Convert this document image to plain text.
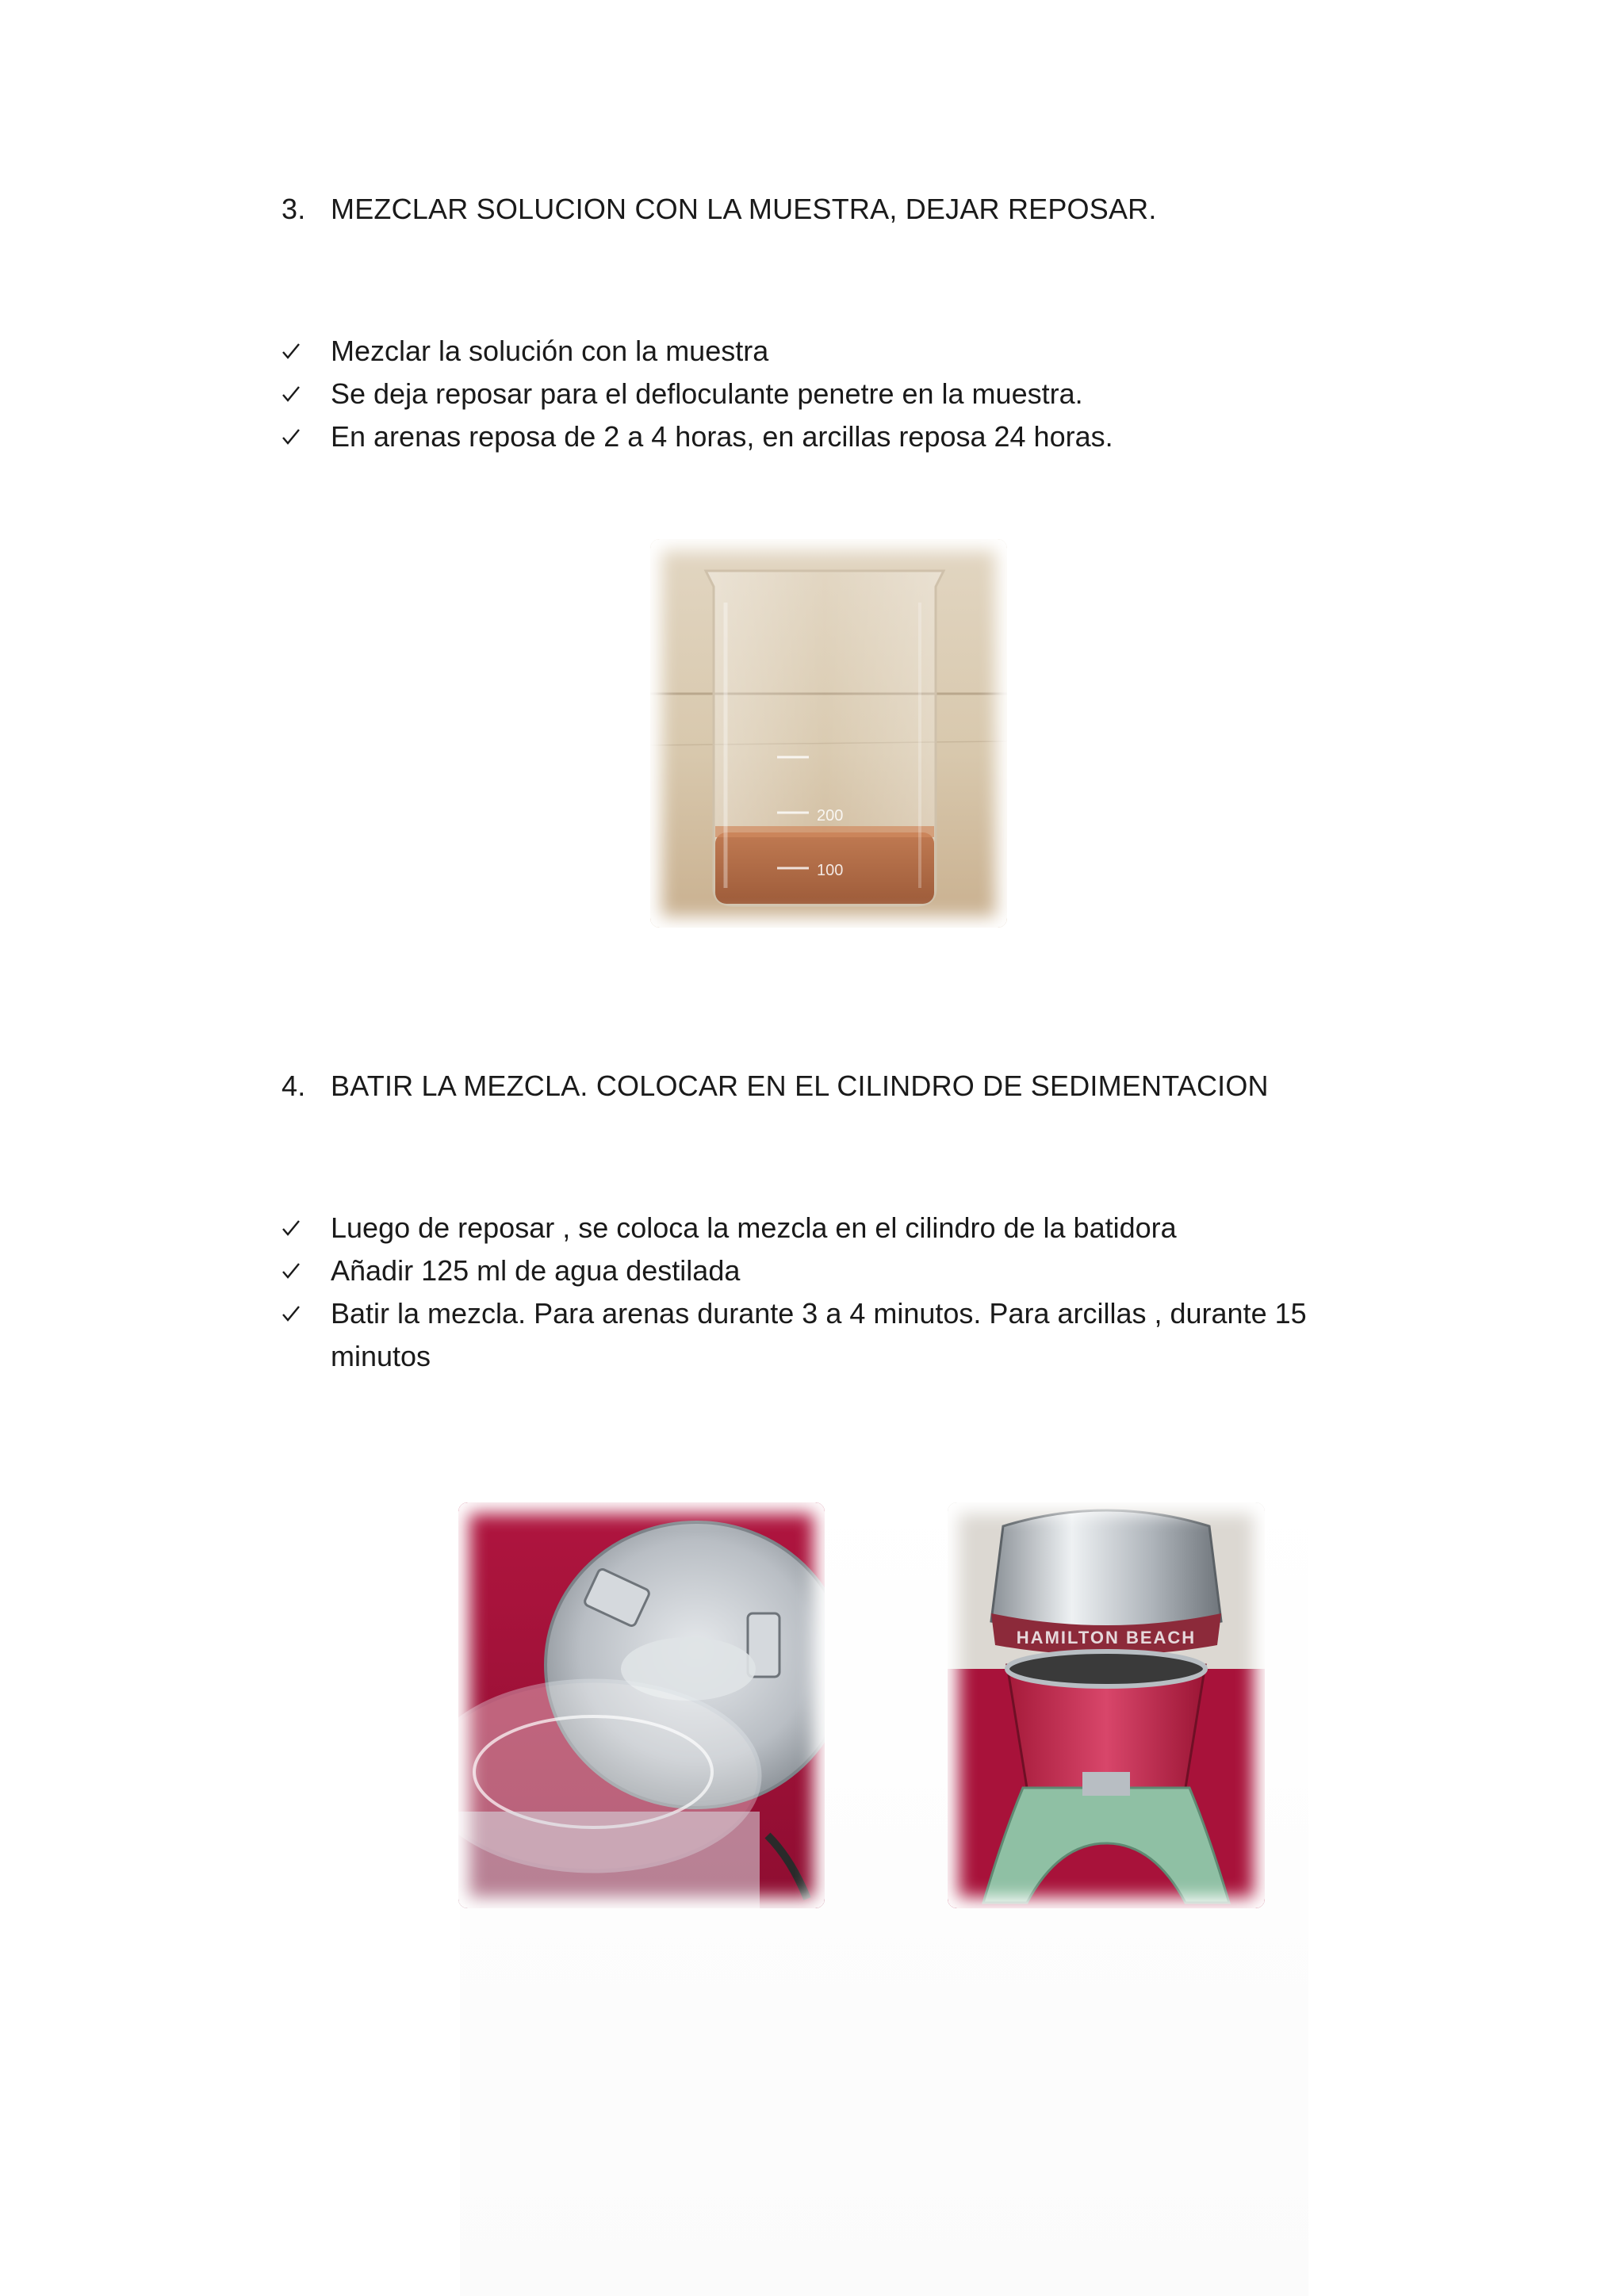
3. MEZCLAR SOLUCION CON LA MUESTRA, DEJAR REPOSAR.
Mezclar la solución con la muestra
Se deja reposar para el defloculante penetre en la muestra.
En arenas reposa de 2 a 4 horas, en arcillas reposa 24 horas.
200
100
4. BATIR LA MEZCLA. COLOCAR EN EL CILINDRO DE SEDIMENTACION
Luego de reposar , se coloca la mezcla en el cilindro de la batidora
Añadir 125 ml de agua destilada
Batir la mezcla. Para arenas durante 3 a 4 minutos. Para arcillas , durante 15 minutos
HAMILTON BEACH
